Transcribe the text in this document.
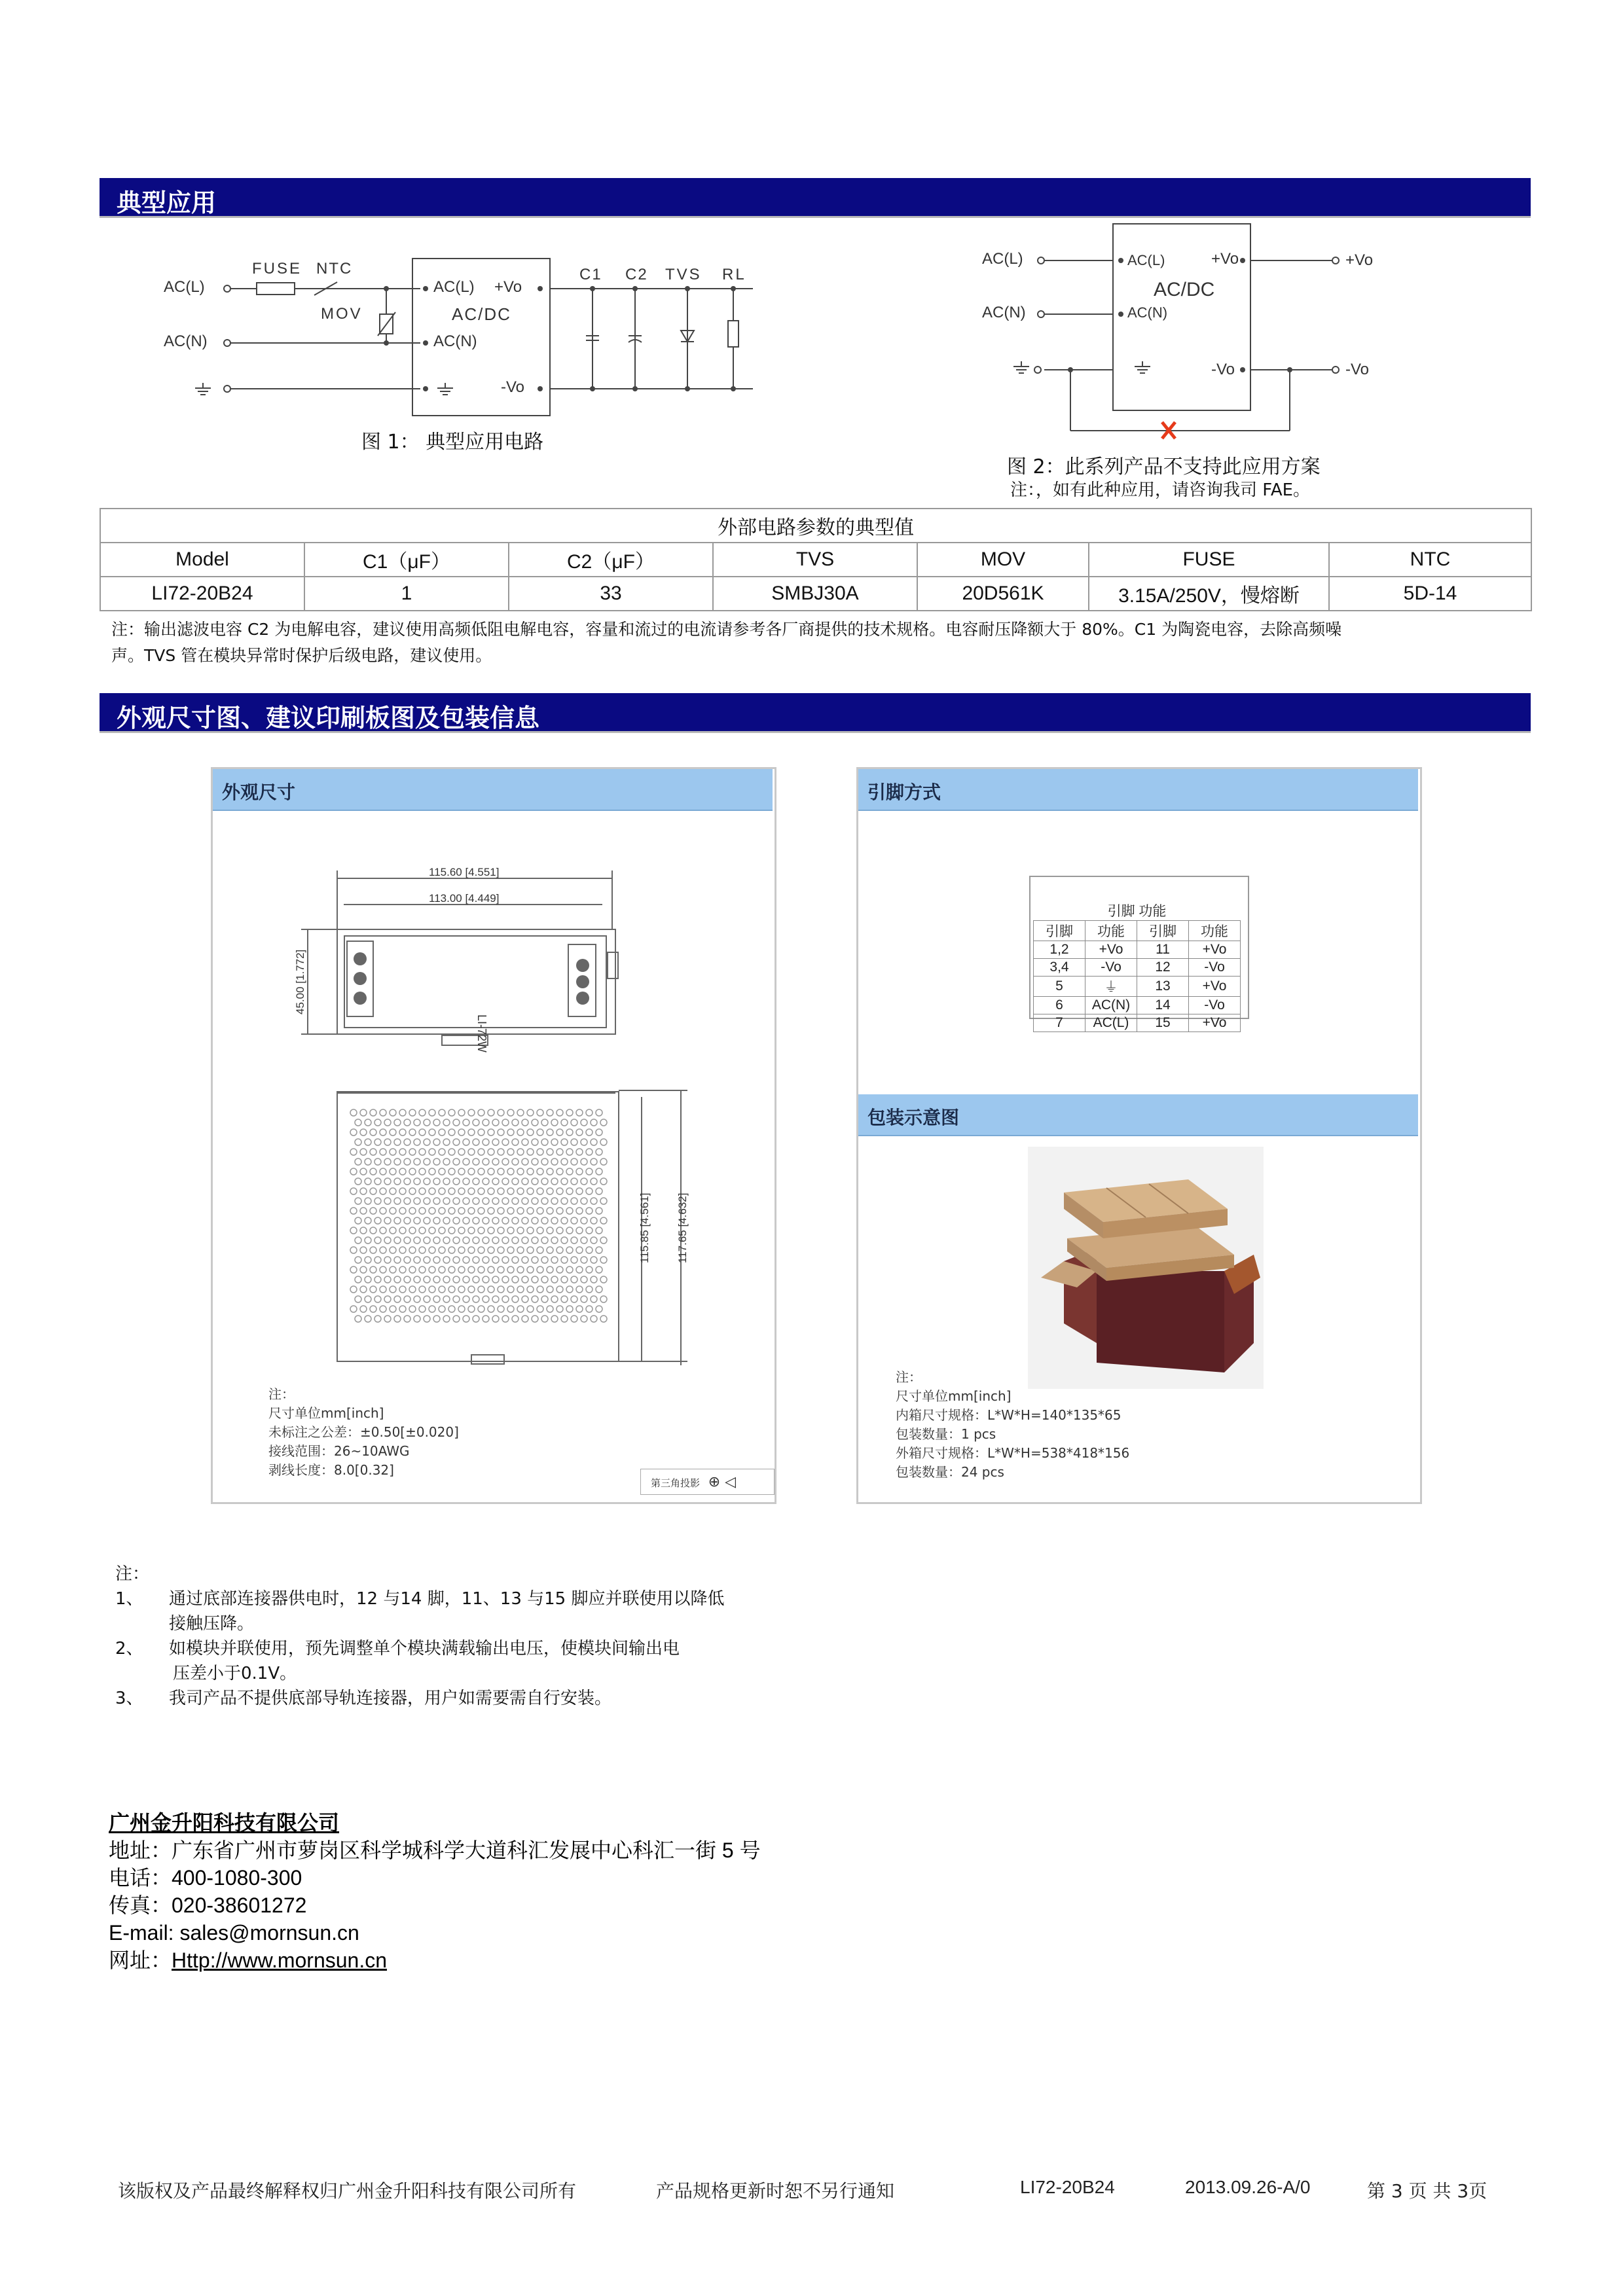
典型应用
AC(L)
AC(N)
FUSE NTC
MOV
AC(L)
AC(N)
+Vo
AC/DC
-Vo
C1 C2 TVS RL
图 1： 典型应用电路
AC(L)
AC(N)
AC(L)
AC(N)
+Vo
AC/DC
-Vo
+Vo
-Vo
图 2：此系列产品不支持此应用方案
注：，如有此种应用，请咨询我司 FAE。
外部电路参数的典型值						
Model	C1（μF）	C2（μF）	TVS	MOV	FUSE	NTC
LI72-20B24	1	33	SMBJ30A	20D561K	3.15A/250V，慢熔断	5D-14
注：输出滤波电容 C2 为电解电容，建议使用高频低阻电解电容，容量和流过的电流请参考各厂商提供的技术规格。电容耐压降额大于 80%。C1 为陶瓷电容，去除高频噪
声。TVS 管在模块异常时保护后级电路，建议使用。
外观尺寸图、建议印刷板图及包装信息
外观尺寸
115.60 [4.551]
113.00 [4.449]
45.00 [1.772]
LI-72W
115.85 [4.561] 117.65 [4.632]
注：
尺寸单位mm[inch]
未标注之公差：±0.50[±0.020]
接线范围：26~10AWG
剥线长度：8.0[0.32]
第三角投影 ⊕ ◁
引脚方式
引脚 功能			
引脚	功能	引脚	功能
1,2	+Vo	11	+Vo
3,4	-Vo	12	-Vo
5	⏚	13	+Vo
6	AC(N)	14	-Vo
7	AC(L)	15	+Vo
包装示意图
注：
尺寸单位mm[inch]
内箱尺寸规格：L*W*H=140*135*65
包装数量：1 pcs
外箱尺寸规格：L*W*H=538*418*156
包装数量：24 pcs
注：
1、 通过底部连接器供电时，12 与14 脚，11、13 与15 脚应并联使用以降低
接触压降。
2、 如模块并联使用，预先调整单个模块满载输出电压，使模块间输出电
压差小于0.1V。
3、 我司产品不提供底部导轨连接器，用户如需要需自行安装。
广州金升阳科技有限公司
地址：广东省广州市萝岗区科学城科学大道科汇发展中心科汇一街 5 号
电话：400-1080-300
传真：020-38601272
E-mail: sales@mornsun.cn
网址：Http://www.mornsun.cn
该版权及产品最终解释权归广州金升阳科技有限公司所有	产品规格更新时恕不另行通知	LI72-20B24	2013.09.26-A/0	第 3 页 共 3页
